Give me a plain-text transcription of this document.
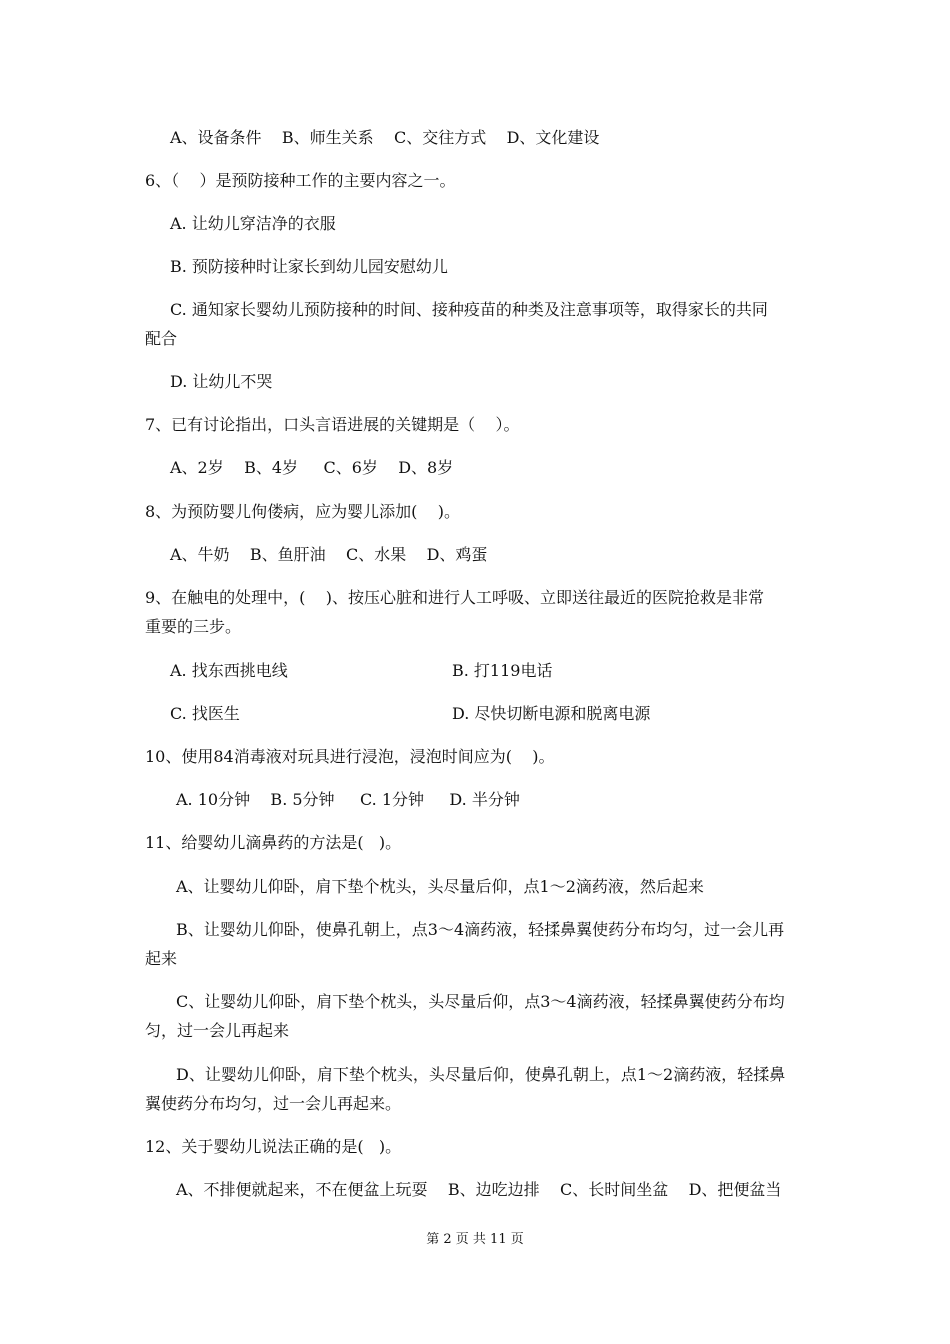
A、设备条件    B、师生关系    C、交往方式    D、文化建设
6、（    ）是预防接种工作的主要内容之一。
A. 让幼儿穿洁净的衣服
B. 预防接种时让家长到幼儿园安慰幼儿
C. 通知家长婴幼儿预防接种的时间、接种疫苗的种类及注意事项等，取得家长的共同
配合
D. 让幼儿不哭
7、已有讨论指出，口头言语进展的关键期是（    ）。
A、2岁    B、4岁     C、6岁    D、8岁
8、为预防婴儿佝偻病，应为婴儿添加(    )。
A、牛奶    B、鱼肝油    C、水果    D、鸡蛋
9、在触电的处理中，(    )、按压心脏和进行人工呼吸、立即送往最近的医院抢救是非常
重要的三步。
A. 找东西挑电线	B. 打119电话
C. 找医生	D. 尽快切断电源和脱离电源
10、使用84消毒液对玩具进行浸泡，浸泡时间应为(    )。
A. 10分钟    B. 5分钟     C. 1分钟     D. 半分钟
11、给婴幼儿滴鼻药的方法是(   )。
A、让婴幼儿仰卧，肩下垫个枕头，头尽量后仰，点1～2滴药液，然后起来
B、让婴幼儿仰卧，使鼻孔朝上，点3～4滴药液，轻揉鼻翼使药分布均匀，过一会儿再
起来
C、让婴幼儿仰卧，肩下垫个枕头，头尽量后仰，点3～4滴药液，轻揉鼻翼使药分布均
匀，过一会儿再起来
D、让婴幼儿仰卧，肩下垫个枕头，头尽量后仰，使鼻孔朝上，点1～2滴药液，轻揉鼻
翼使药分布均匀，过一会儿再起来。
12、关于婴幼儿说法正确的是(   )。
A、不排便就起来，不在便盆上玩耍    B、边吃边排    C、长时间坐盆    D、把便盆当
第 2 页 共 11 页
